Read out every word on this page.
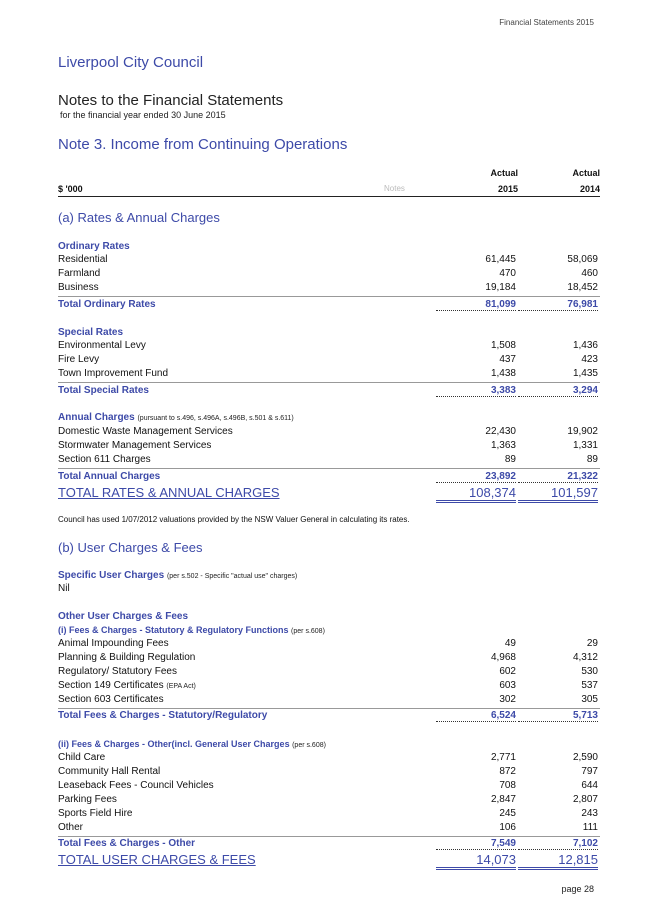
Financial Statements 2015
Liverpool City Council
Notes to the Financial Statements
for the financial year ended 30 June 2015
Note 3. Income from Continuing Operations
Actual	Actual
$ '000	Notes	2015	2014
(a) Rates & Annual Charges
Ordinary Rates
Residential	61,445	58,069
Farmland	470	460
Business	19,184	18,452
Total Ordinary Rates	81,099	76,981
Special Rates
Environmental Levy	1,508	1,436
Fire Levy	437	423
Town Improvement Fund	1,438	1,435
Total Special Rates	3,383	3,294
Annual Charges (pursuant to s.496, s.496A, s.496B, s.501 & s.611)
Domestic Waste Management Services	22,430	19,902
Stormwater Management Services	1,363	1,331
Section 611 Charges	89	89
Total Annual Charges	23,892	21,322
TOTAL RATES & ANNUAL CHARGES	108,374	101,597
Council has used 1/07/2012 valuations provided by the NSW Valuer General in calculating its rates.
(b) User Charges & Fees
Specific User Charges (per s.502 - Specific "actual use" charges)
Nil
Other User Charges & Fees
(i) Fees & Charges - Statutory & Regulatory Functions (per s.608)
Animal Impounding Fees	49	29
Planning & Building Regulation	4,968	4,312
Regulatory/ Statutory Fees	602	530
Section 149 Certificates (EPA Act)	603	537
Section 603 Certificates	302	305
Total Fees & Charges - Statutory/Regulatory	6,524	5,713
(ii) Fees & Charges - Other(incl. General User Charges (per s.608)
Child Care	2,771	2,590
Community Hall Rental	872	797
Leaseback Fees - Council Vehicles	708	644
Parking Fees	2,847	2,807
Sports Field Hire	245	243
Other	106	111
Total Fees & Charges - Other	7,549	7,102
TOTAL USER CHARGES & FEES	14,073	12,815
page 28
